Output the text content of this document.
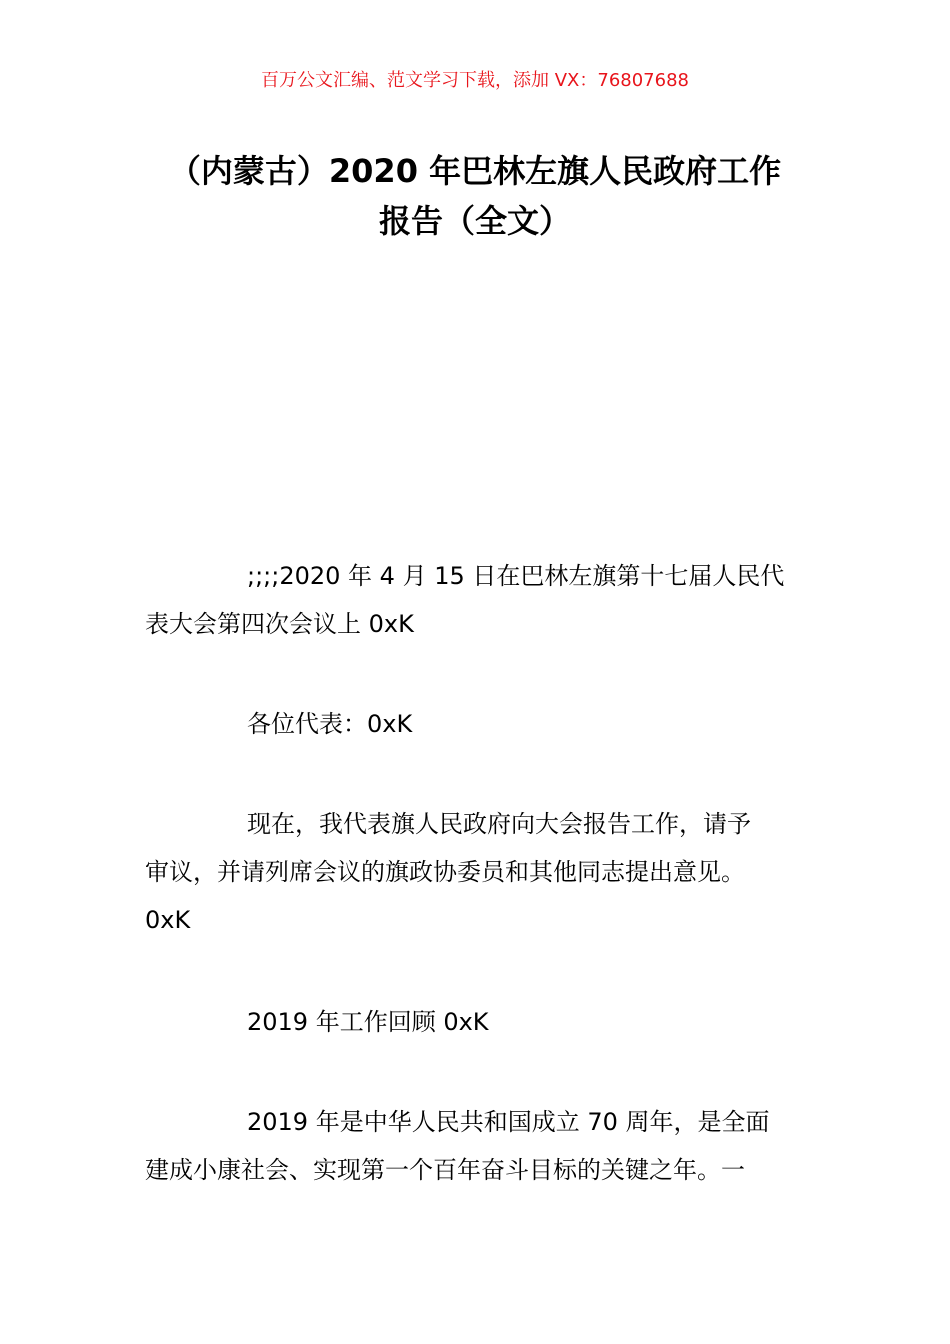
百万公文汇编、范文学习下载，添加 VX：76807688
（内蒙古）2020 年巴林左旗人民政府工作
报告（全文）
;;;;2020 年 4 月 15 日在巴林左旗第十七届人民代
表大会第四次会议上 0xK
各位代表：0xK
现在，我代表旗人民政府向大会报告工作，请予
审议，并请列席会议的旗政协委员和其他同志提出意见。
0xK
2019 年工作回顾 0xK
2019 年是中华人民共和国成立 70 周年，是全面
建成小康社会、实现第一个百年奋斗目标的关键之年。一
